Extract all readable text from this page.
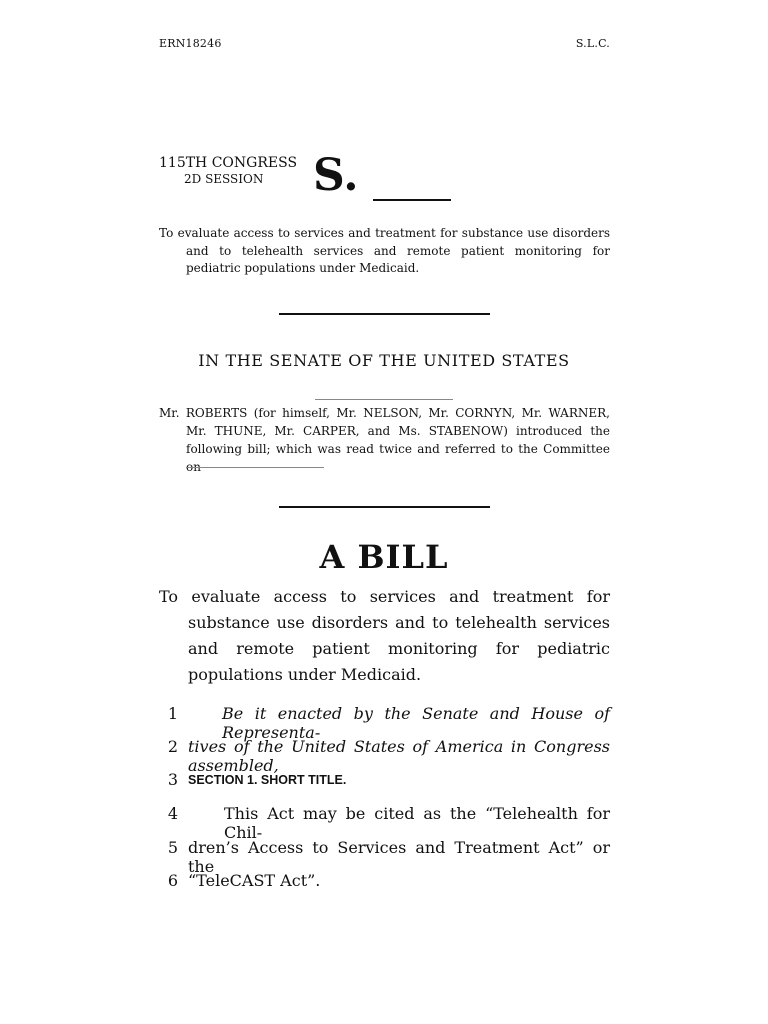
ERN18246	S.L.C.
115TH CONGRESS
2D SESSION S.
To evaluate access to services and treatment for substance use disorders and to telehealth services and remote patient monitoring for pediatric populations under Medicaid.
IN THE SENATE OF THE UNITED STATES
Mr. ROBERTS (for himself, Mr. NELSON, Mr. CORNYN, Mr. WARNER, Mr. THUNE, Mr. CARPER, and Ms. STABENOW) introduced the following bill; which was read twice and referred to the Committee on
A BILL
To evaluate access to services and treatment for substance use disorders and to telehealth services and remote patient monitoring for pediatric populations under Medicaid.
1	Be it enacted by the Senate and House of Representa-
2 tives of the United States of America in Congress assembled,
3 SECTION 1. SHORT TITLE.
4	This Act may be cited as the “Telehealth for Chil-
5 dren’s Access to Services and Treatment Act” or the
6 “TeleCAST Act”.
